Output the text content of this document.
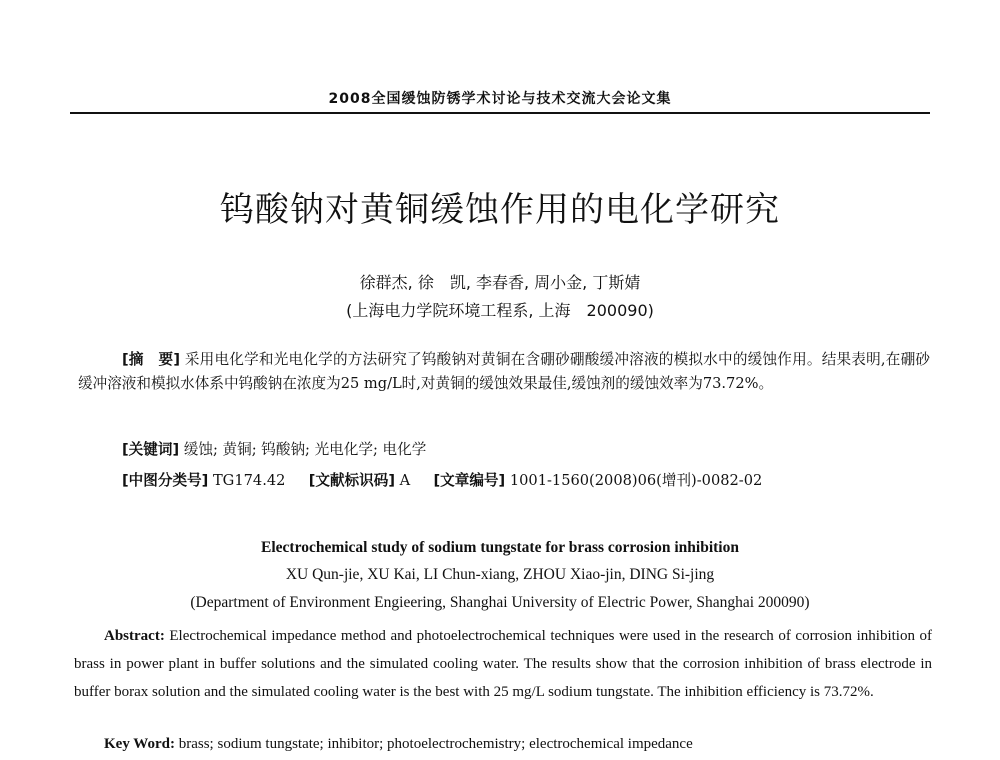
2008全国缓蚀防锈学术讨论与技术交流大会论文集
钨酸钠对黄铜缓蚀作用的电化学研究
徐群杰, 徐　凯, 李春香, 周小金, 丁斯婧
(上海电力学院环境工程系, 上海　200090)
[摘　要] 采用电化学和光电化学的方法研究了钨酸钠对黄铜在含硼砂硼酸缓冲溶液的模拟水中的缓蚀作用。结果表明,在硼砂缓冲溶液和模拟水体系中钨酸钠在浓度为25 mg/L时,对黄铜的缓蚀效果最佳,缓蚀剂的缓蚀效率为73.72%。
[关键词] 缓蚀; 黄铜; 钨酸钠; 光电化学; 电化学
[中图分类号] TG174.42 [文献标识码] A [文章编号] 1001-1560(2008)06(增刊)-0082-02
Electrochemical study of sodium tungstate for brass corrosion inhibition
XU Qun-jie, XU Kai, LI Chun-xiang, ZHOU Xiao-jin, DING Si-jing
(Department of Environment Engieering, Shanghai University of Electric Power, Shanghai 200090)
Abstract: Electrochemical impedance method and photoelectrochemical techniques were used in the research of corrosion inhibition of brass in power plant in buffer solutions and the simulated cooling water. The results show that the corrosion inhibition of brass electrode in buffer borax solution and the simulated cooling water is the best with 25 mg/L sodium tungstate. The inhibition efficiency is 73.72%.
Key Word: brass; sodium tungstate; inhibitor; photoelectrochemistry; electrochemical impedance
